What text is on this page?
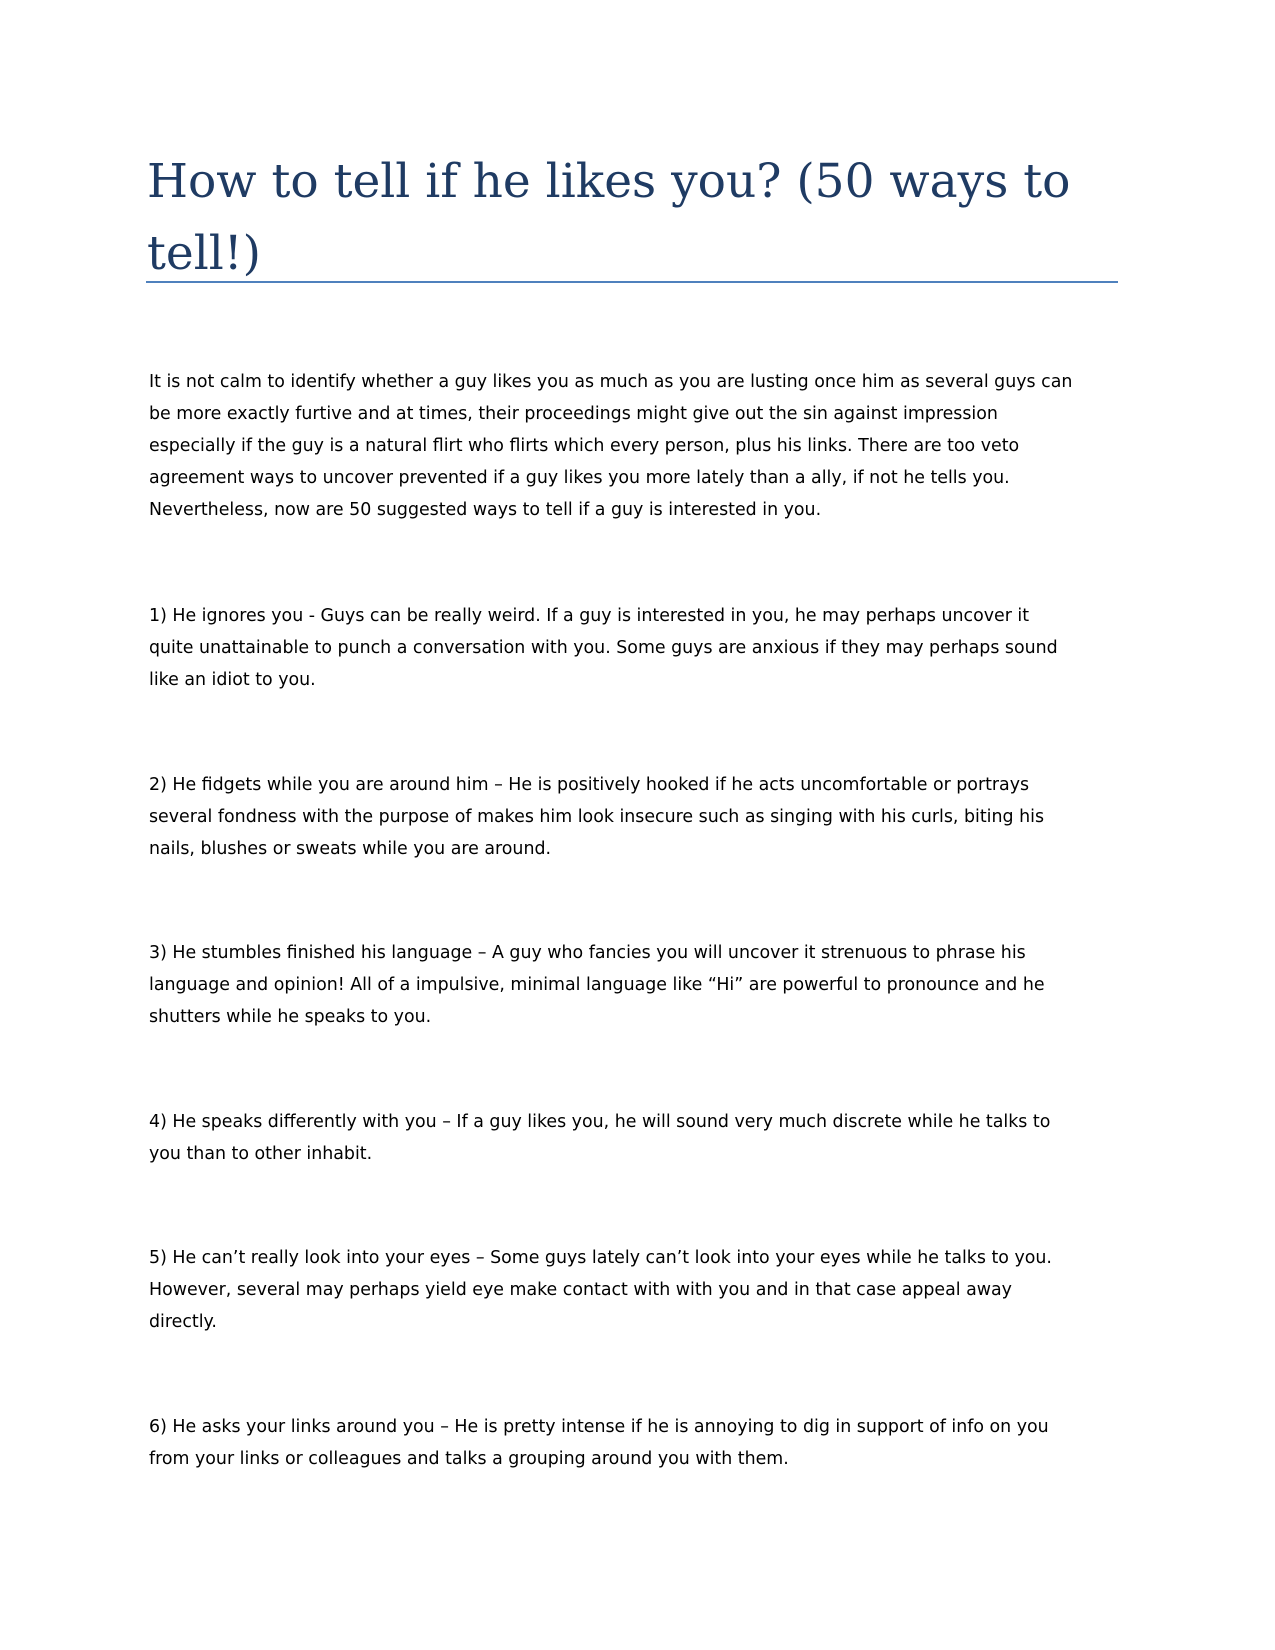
How to tell if he likes you? (50 ways to
tell!)

It is not calm to identify whether a guy likes you as much as you are lusting once him as several guys can
be more exactly furtive and at times, their proceedings might give out the sin against impression
especially if the guy is a natural flirt who flirts which every person, plus his links. There are too veto
agreement ways to uncover prevented if a guy likes you more lately than a ally, if not he tells you.
Nevertheless, now are 50 suggested ways to tell if a guy is interested in you.

1) He ignores you - Guys can be really weird. If a guy is interested in you, he may perhaps uncover it
quite unattainable to punch a conversation with you. Some guys are anxious if they may perhaps sound
like an idiot to you.

2) He fidgets while you are around him – He is positively hooked if he acts uncomfortable or portrays
several fondness with the purpose of makes him look insecure such as singing with his curls, biting his
nails, blushes or sweats while you are around.

3) He stumbles finished his language – A guy who fancies you will uncover it strenuous to phrase his
language and opinion! All of a impulsive, minimal language like “Hi” are powerful to pronounce and he
shutters while he speaks to you.

4) He speaks differently with you – If a guy likes you, he will sound very much discrete while he talks to
you than to other inhabit.

5) He can’t really look into your eyes – Some guys lately can’t look into your eyes while he talks to you.
However, several may perhaps yield eye make contact with with you and in that case appeal away
directly.

6) He asks your links around you – He is pretty intense if he is annoying to dig in support of info on you
from your links or colleagues and talks a grouping around you with them.
